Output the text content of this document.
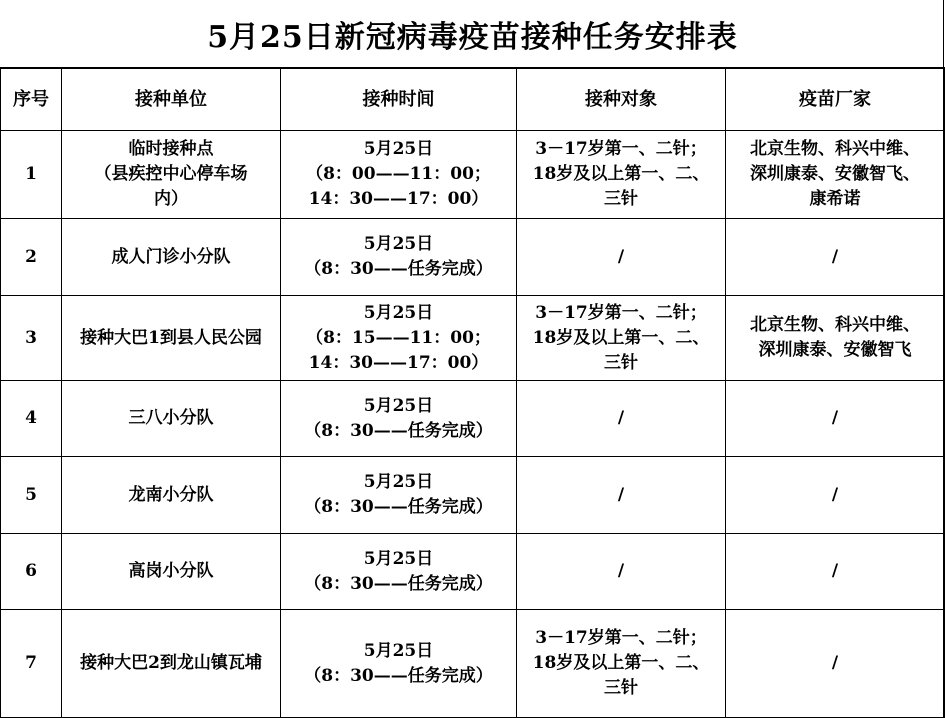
5月25日新冠病毒疫苗接种任务安排表
序号	接种单位	接种时间	接种对象	疫苗厂家
1	临时接种点
（县疾控中心停车场
内）	5月25日
（8：00——11：00；
14：30——17：00）	3－17岁第一、二针；
18岁及以上第一、二、
三针	北京生物、科兴中维、
深圳康泰、安徽智飞、
康希诺

2	成人门诊小分队	5月25日
（8：30——任务完成）	/	/

3	接种大巴1到县人民公园	5月25日
（8：15——11：00；
14：30——17：00）	3－17岁第一、二针；
18岁及以上第一、二、
三针	北京生物、科兴中维、
深圳康泰、安徽智飞

4	三八小分队	5月25日
（8：30——任务完成）	/	/

5	龙南小分队	5月25日
（8：30——任务完成）	/	/

6	高岗小分队	5月25日
（8：30——任务完成）	/	/

7	接种大巴2到龙山镇瓦埔	5月25日
（8：30——任务完成）	3－17岁第一、二针；
18岁及以上第一、二、
三针	/
